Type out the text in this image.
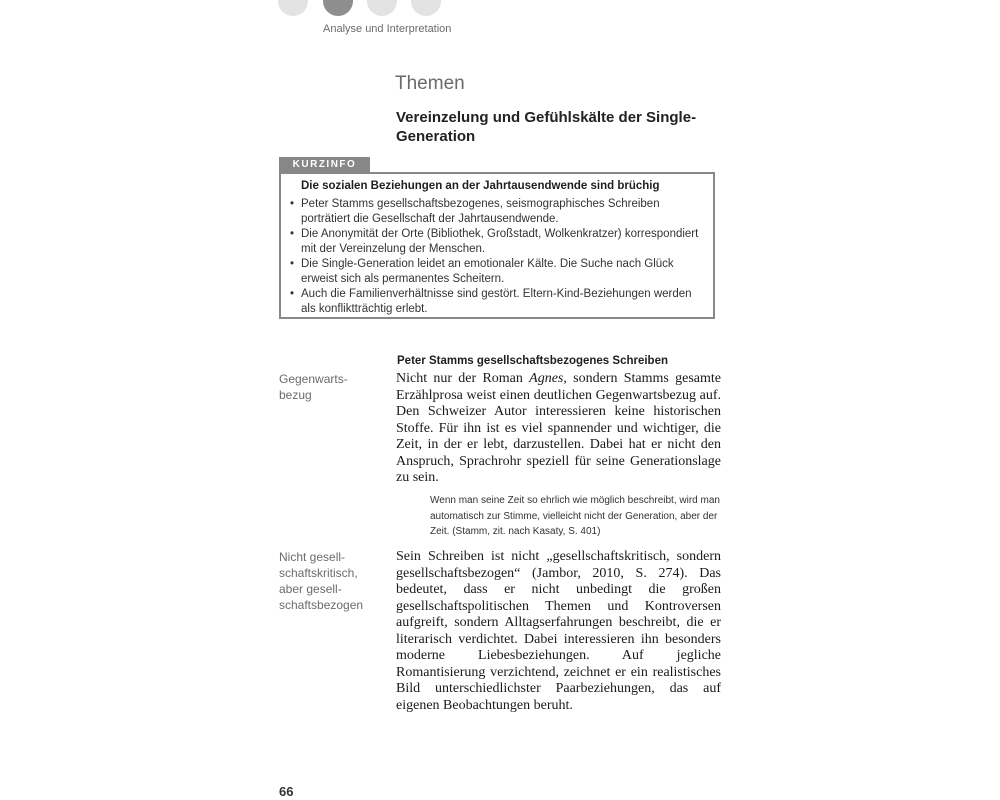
Analyse und Interpretation
Themen
Vereinzelung und Gefühlskälte der Single-Generation
KURZINFO
Die sozialen Beziehungen an der Jahrtausendwende sind brüchig
• Peter Stamms gesellschaftsbezogenes, seismographisches Schreiben porträtiert die Gesellschaft der Jahrtausendwende.
• Die Anonymität der Orte (Bibliothek, Großstadt, Wolkenkratzer) korrespondiert mit der Vereinzelung der Menschen.
• Die Single-Generation leidet an emotionaler Kälte. Die Suche nach Glück erweist sich als permanentes Scheitern.
• Auch die Familienverhältnisse sind gestört. Eltern-Kind-Beziehungen werden als konfliktträchtig erlebt.
Peter Stamms gesellschaftsbezogenes Schreiben
Gegenwarts-bezug
Nicht nur der Roman Agnes, sondern Stamms gesamte Erzählprosa weist einen deutlichen Gegenwartsbezug auf. Den Schweizer Autor interessieren keine historischen Stoffe. Für ihn ist es viel spannender und wichtiger, die Zeit, in der er lebt, darzustellen. Dabei hat er nicht den Anspruch, Sprachrohr speziell für seine Generationslage zu sein.
Wenn man seine Zeit so ehrlich wie möglich beschreibt, wird man automatisch zur Stimme, vielleicht nicht der Generation, aber der Zeit. (Stamm, zit. nach Kasaty, S. 401)
Nicht gesell-schaftskritisch, aber gesell-schaftsbezogen
Sein Schreiben ist nicht „gesellschaftskritisch, sondern gesellschaftsbezogen“ (Jambor, 2010, S. 274). Das bedeutet, dass er nicht unbedingt die großen gesellschaftspolitischen Themen und Kontroversen aufgreift, sondern Alltagserfahrungen beschreibt, die er literarisch verdichtet. Dabei interessieren ihn besonders moderne Liebesbeziehungen. Auf jegliche Romantisierung verzichtend, zeichnet er ein realistisches Bild unterschiedlichster Paarbeziehungen, das auf eigenen Beobachtungen beruht.
66
